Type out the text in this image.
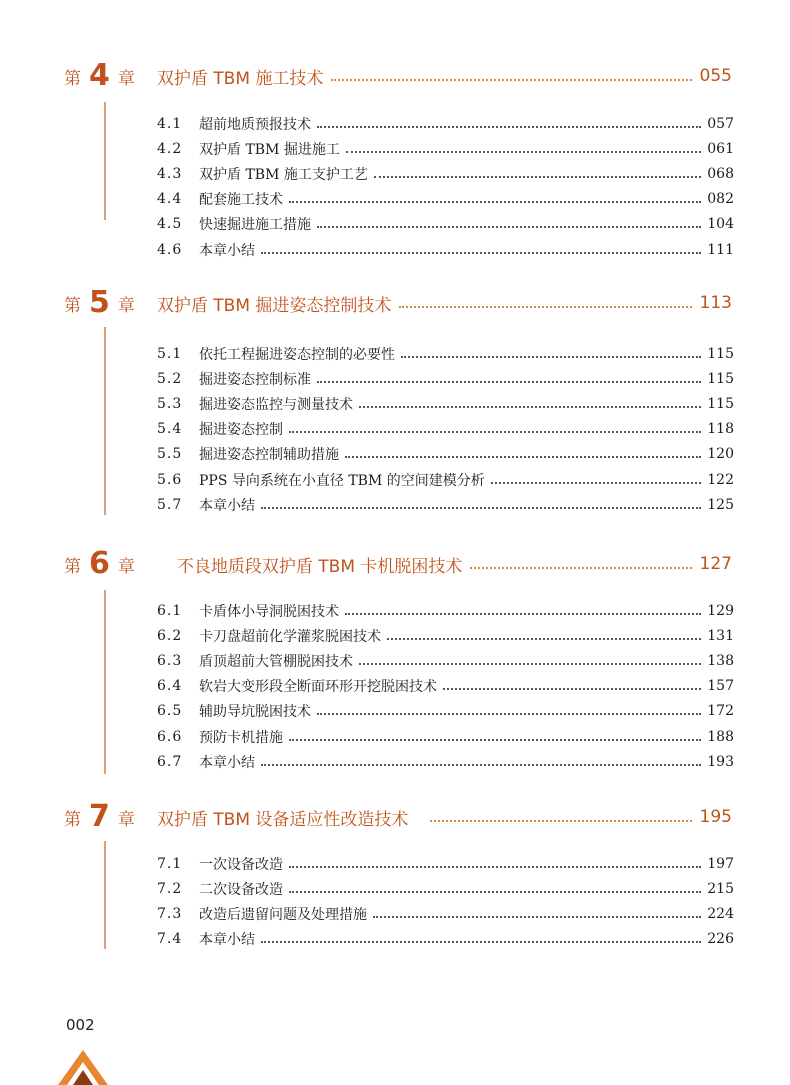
第 4 章 双护盾 TBM 施工技术	055
4.1	超前地质预报技术	057
4.2	双护盾 TBM 掘进施工	061
4.3	双护盾 TBM 施工支护工艺	068
4.4	配套施工技术	082
4.5	快速掘进施工措施	104
4.6	本章小结	111
第 5 章 双护盾 TBM 掘进姿态控制技术	113
5.1	依托工程掘进姿态控制的必要性	115
5.2	掘进姿态控制标准	115
5.3	掘进姿态监控与测量技术	115
5.4	掘进姿态控制	118
5.5	掘进姿态控制辅助措施	120
5.6	PPS 导向系统在小直径 TBM 的空间建模分析	122
5.7	本章小结	125
第 6 章 不良地质段双护盾 TBM 卡机脱困技术	127
6.1	卡盾体小导洞脱困技术	129
6.2	卡刀盘超前化学灌浆脱困技术	131
6.3	盾顶超前大管棚脱困技术	138
6.4	软岩大变形段全断面环形开挖脱困技术	157
6.5	辅助导坑脱困技术	172
6.6	预防卡机措施	188
6.7	本章小结	193
第 7 章 双护盾 TBM 设备适应性改造技术	195
7.1	一次设备改造	197
7.2	二次设备改造	215
7.3	改造后遗留问题及处理措施	224
7.4	本章小结	226
002
